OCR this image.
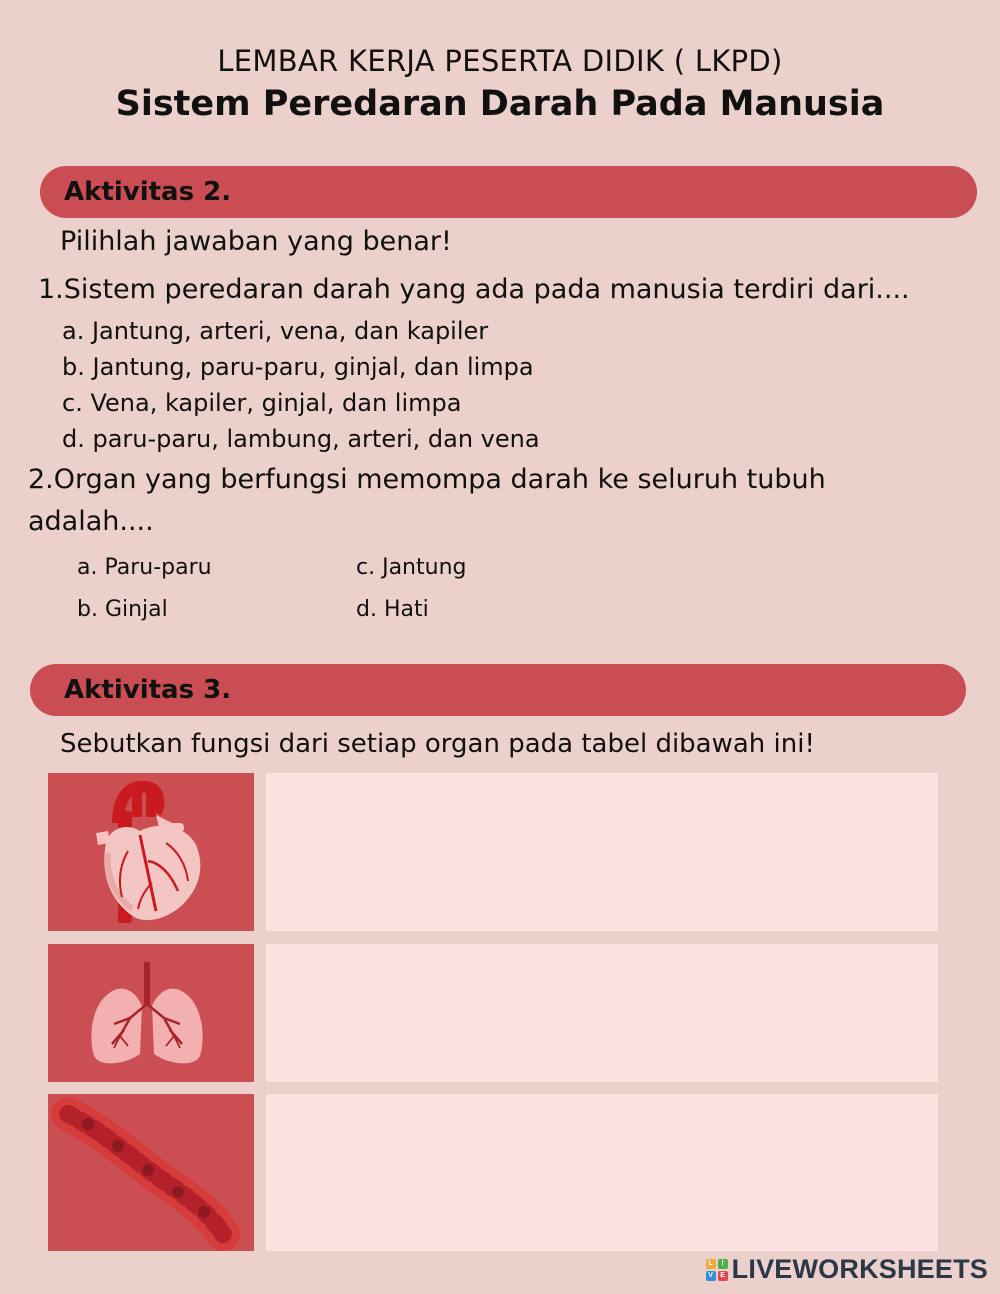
LEMBAR KERJA PESERTA DIDIK ( LKPD)
Sistem Peredaran Darah Pada Manusia
Aktivitas 2.
Pilihlah jawaban yang benar!
1.Sistem peredaran darah yang ada pada manusia terdiri dari....
a. Jantung, arteri, vena, dan kapiler
b. Jantung, paru-paru, ginjal, dan limpa
c. Vena, kapiler, ginjal, dan limpa
d. paru-paru, lambung, arteri, dan vena
2.Organ yang berfungsi memompa darah ke seluruh tubuh
adalah....
a. Paru-paru	c. Jantung
b. Ginjal	d. Hati
Aktivitas 3.
Sebutkan fungsi dari setiap organ pada tabel dibawah ini!
L	I
V	E LIVEWORKSHEETS
